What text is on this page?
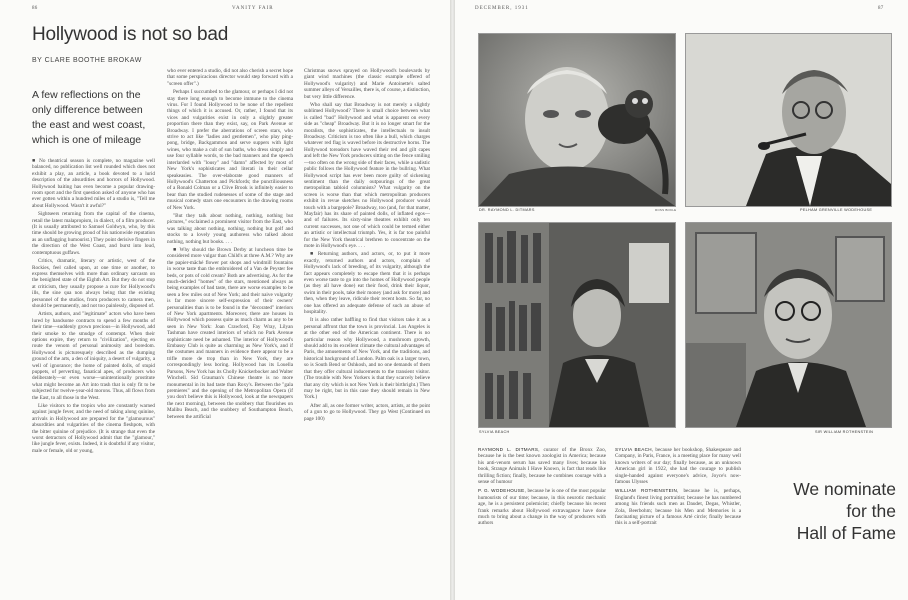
86	VANITY FAIR
Hollywood is not so bad
BY CLARE BOOTHE BROKAW
A few reflections on the only difference between the east and west coast, which is one of mileage

■ No theatrical season is complete, no magazine well balanced, no publication list well rounded which does not exhibit a play, an article, a book devoted to a lurid description of the absurdities and horrors of Hollywood. Hollywood baiting has even become a popular drawing-room sport and the first question asked of anyone who has ever gotten within a hundred miles of a studio is, "Tell me about Hollywood. Wasn't it awful?"

Sightseers returning from the capital of the cinema, retail the latest malapropism, in dialect, of a film producer. (It is usually attributed to Samuel Goldwyn, who, by this time should be growing proud of his nationwide reputation as an unflagging humourist.) They point derisive fingers in the direction of the West Coast, and burst into loud, contemptuous guffaws.

Critics, dramatic, literary or artistic, west of the Rockies, feel called upon, at one time or another, to express themselves with more than ordinary sarcasm on the benighted state of the Eighth Art. But they do not stop at criticism, they usually propose a cure for Hollywood's ills, the sine qua non always being that the existing personnel of the studios, from producers to camera men, should be permanently, and not too painlessly, disposed of.

Artists, authors, and "legitimate" actors who have been lured by handsome contracts to spend a few months of their time—suddenly grown precious—in Hollywood, add their smoke to the smudge of contempt. When their options expire, they return to "civilization", ejecting en route the venom of personal animosity and boredom. Hollywood is picturesquely described as the dumping ground of the arts, a den of iniquity, a desert of vulgarity, a well of ignorance; the home of painted dolls, of stupid puppets, of perverting, fanatical apes, of producers who deliberately—or even worse—unintentionally prostitute what might become an Art into trash that is only fit to be subjected for twelve-year-old morons. Thus, all flows from the East, to all those in the West.

Like visitors to the tropics who are constantly warned against jungle fever, and the need of taking along quinine, arrivals in Hollywood are prepared for the "glamourous" absurdities and vulgarities of the cinema fleshpots, with the bitter quinine of prejudice. (It is strange that even the worst detractors of Hollywood admit that the "glamour," like jungle fever, exists. Indeed, it is doubtful if any visitor, male or female, old or young,

who ever entered a studio, did not also cherish a secret hope that some perspicacious director would step forward with a "screen offer".)

Perhaps I succumbed to the glamour, or perhaps I did not stay there long enough to become immune to the cinema virus. For I found Hollywood to be none of the repellent things of which it is accused. Or, rather, I found that its vices and vulgarities exist in only a slightly greater proportion there than they exist, say, on Park Avenue or Broadway. I prefer the aberrations of screen stars, who strive to act like "ladies and gentlemen", who play ping-pong, bridge, Backgammon and serve suppers with light wines, who make a cult of sun baths, who dress simply and use four syllable words, to the bad manners and the speech interlarded with "lousy" and "damn" affected by most of New York's sophisticates and literati in their cellar speakeasies. The over-elaborate good manners of Hollywood's Chatterton and Pickfords; the punctiliousness of a Ronald Colman or a Clive Brook is infinitely easier to bear than the studied rudenesses of some of the stage and musical comedy stars one encounters in the drawing rooms of New York.

"But they talk about nothing, nothing, nothing but pictures," exclaimed a prominent visitor from the East, who was talking about nothing, nothing, nothing but golf and stocks to a lovely young authoress who talked about nothing, nothing but books. . . .

■ Why should the Brown Derby at luncheon time be considered more vulgar than Child's at three A.M.? Why are the papier-mâché flower pot shops and windmill fountains in worse taste than the embroidered of a Van de Peyster fee beds, or pots of cold cream? Both are advertising. As for the much-derided "homes" of the stars, mentioned always as being examples of bad taste, there are worse examples to be seen a few miles out of New York; and their naive vulgarity is far more sincere self-expression of their owners' personalities than is to be found in the "decorated" interiors of New York apartments. Moreover, there are houses in Hollywood which possess quite as much charm as any to be seen in New York: Joan Crawford, Fay Wray, Lilyan Tashman have created interiors of which no Park Avenue sophisticate need be ashamed. The interior of Hollywood's Embassy Club is quite as charming as New York's, and if the costumes and manners in evidence there appear to be a trifle more de trop than in New York, they are correspondingly less boring. Hollywood has its Louella Parsons, New York has its Cholly Knickerbocker and Walter Winchell. Sid Grauman's Chinese theatre is no more monumental in its bad taste than Roxy's. Between the "gala premieres" and the opening of the Metropolitan Opera (if you don't believe this is Hollywood, look at the newspapers the next morning), between the snobbery that flourishes on Malibu Beach, and the snobbery of Southampton Beach, between the artificial

Christmas snows sprayed on Hollywood's boulevards by giant wind machines (the classic example offered of Hollywood's vulgarity) and Marie Antoinette's salted summer alleys of Versailles, there is, of course, a distinction, but very little difference.

Who shall say that Broadway is not merely a slightly sublimed Hollywood? There is small choice between what is called "bad" Hollywood and what is apparent on every side as "cheap" Broadway. But it is no longer smart for the moralists, the sophisticates, the intellectuals to insult Broadway. Criticism is too often like a bull, which charges whatever red flag is waved before its destructive horns. The Hollywood toreadors have waved their red and gilt capes and left the New York producers sitting on the fence smiling—too often on the wrong side of their faces, while a sadistic public follows the Hollywood feature in the bullring. What Hollywood script has ever been more guilty of sickening sentiment than the daily outpourings of the great metropolitan tabloid columnists? What vulgarity on the screen is worse than that which metropolitan producers exhibit in revue sketches no Hollywood producer would touch with a bargepole? Broadway, too (and, for that matter, Mayfair) has its share of painted dolls, of inflated egos—and of failures. Its sixty-nine theatres exhibit only ten current successes, not one of which could be termed either an artistic or intellectual triumph. Yes, it is far too painful for the New York theatrical brethren to concentrate on the mote in Hollywood's eye. . . .

■ Returning authors, and actors, or, to put it more exactly, returned authors and actors, complain of Hollywood's lack of breeding, of its vulgarity, although the fact appears completely to escape them that it is perhaps even worse taste to go into the homes of Hollywood people (as they all have done) eat their food, drink their liquor, swim in their pools, take their money (and ask for more) and then, when they leave, ridicule their recent hosts. So far, no one has offered an adequate defense of such an abuse of hospitality.

It is also rather baffling to find that visitors take it as a personal affront that the town is provincial. Los Angeles is at the other end of the American continent. There is no particular reason why Hollywood, a mushroom growth, should add to its excellent climate the cultural advantages of Paris, the amusements of New York, and the traditions, and historical background of London. Palm oak is a larger town, so is South Bend or Oshkosh, and no one demands of them that they offer cultural inducements to the transient visitor. (The trouble with New Yorkers is that they scarcely believe that any city which is not New York is their birthright.) Then may be right, but in this case they should remain in New York.)

After all, as one former writer, actors, artists, at the point of a gun to go to Hollywood. They go West (Continued on page 100)

DECEMBER, 1931	87
DR. RAYMOND L. DITMARS	ROSS BOKLE	PELHAM GRENVILLE WODEHOUSE
SYLVIA BEACH	SIR WILLIAM ROTHENSTEIN

RAYMOND L. DITMARS, curator of the Bronx Zoo, because he is the best known zoologist in America; because his anti-venom serum has saved many lives; because his book, Strange Animals I Have Known, is fact that reads like thrilling fiction; finally, because he combines courage with a sense of humour

P. G. WODEHOUSE, because he is one of the most popular humourists of our time; because, in this neurotic mechanic age, he is a persistent polemicist; chiefly because his recent frank remarks about Hollywood extravagance have done much to bring about a change in the way of producers with authors

SYLVIA BEACH, because her bookshop, Shakespeare and Company, in Paris, France, is a meeting place for many well known writers of our day; finally because, as an unknown American girl in 1922, she had the courage to publish single-handed against everyone's advice, Joyce's now-famous Ulysses

WILLIAM ROTHENSTEIN, because he is, perhaps, England's finest living portraitist; because he has numbered among his friends such men as Daudet, Degas, Whistler, Zola, Beerbohm; because his Men and Memories is a fascinating picture of a famous Arté circle; finally because this is a self-portrait

We nominate
for the
Hall of Fame
